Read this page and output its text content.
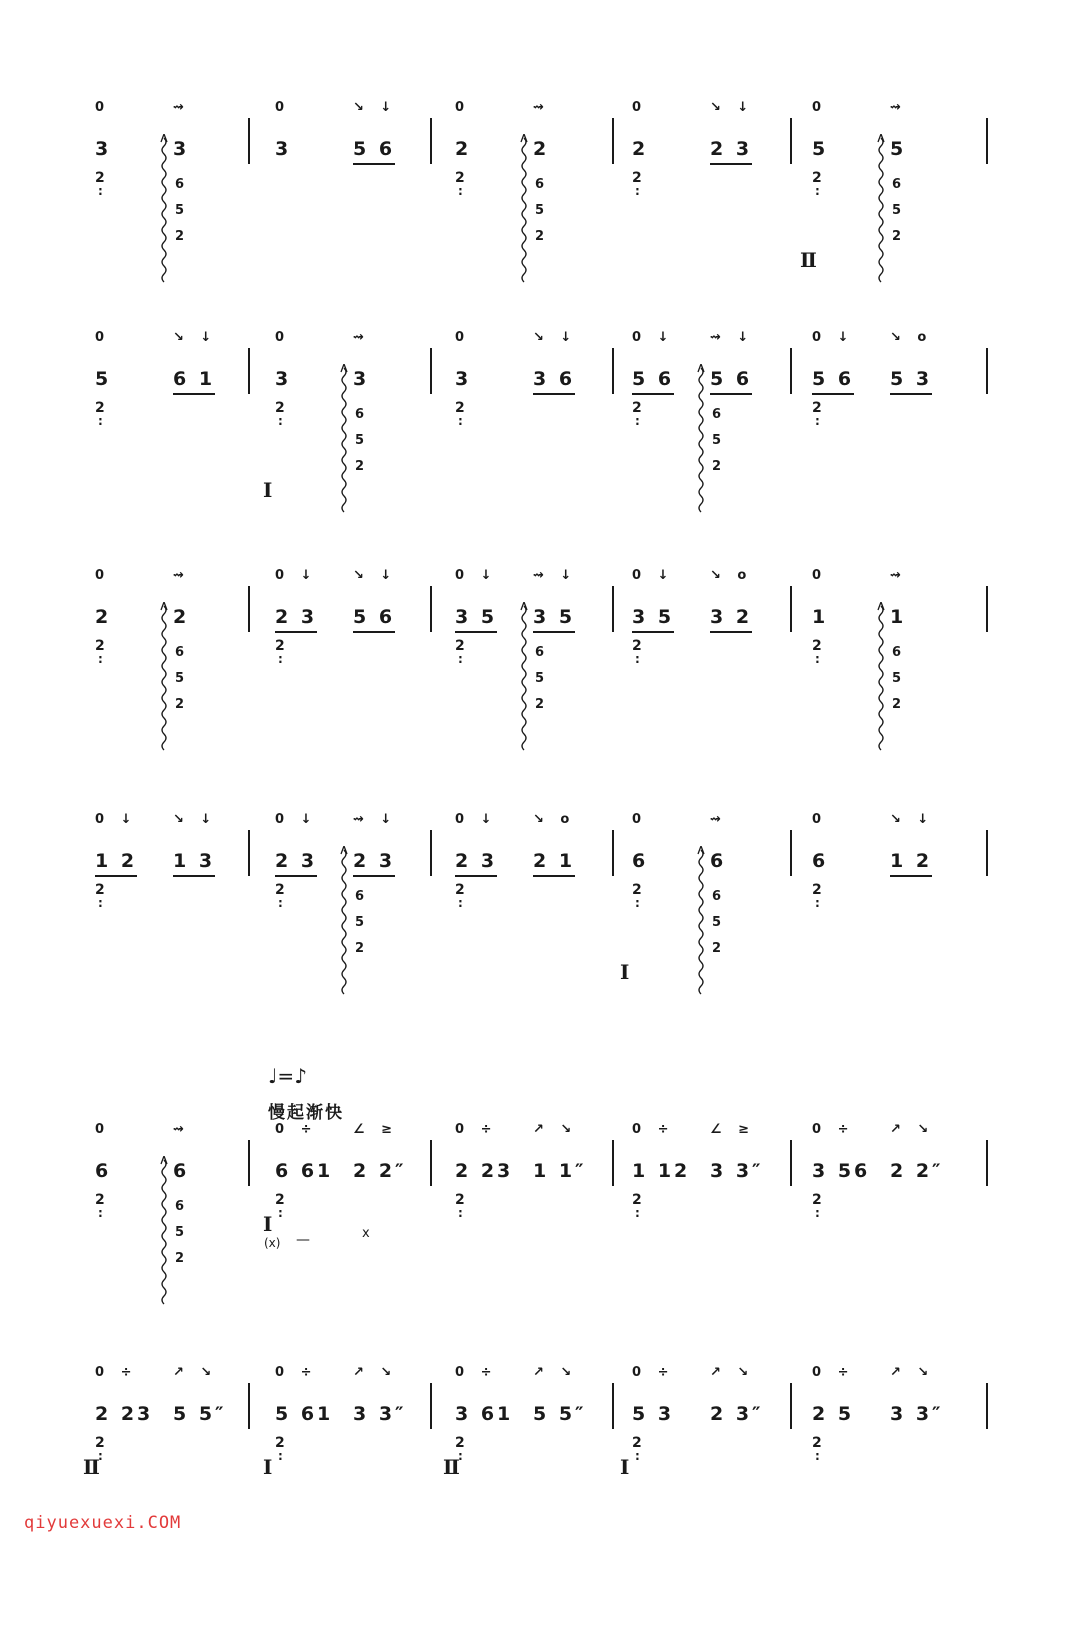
♩=♪
慢起渐快
(x) —	x
qiyuexuexi.COM
0
3
2 :
⇝
3
6
5
2
0
3
↘ ↓
5 6
0
2
2 :
⇝
2
6
5
2
0
2
2 :
↘ ↓
2 3
0
5
2 :
⇝
5
6
5
2
Ⅱ
0
5
2 :
↘ ↓
6 1
0
3
2 :
⇝
3
6
5
2
Ⅰ
0
3
2 :
↘ ↓
3 6
0 ↓
5 6
2 :
⇝ ↓
5 6
6
5
2
0 ↓
5 6
2 :
↘ o
5 3
0
2
2 :
⇝
2
6
5
2
0 ↓
2 3
2 :
↘ ↓
5 6
0 ↓
3 5
2 :
⇝ ↓
3 5
6
5
2
0 ↓
3 5
2 :
↘ o
3 2
0
1
2 :
⇝
1
6
5
2
0 ↓
1 2
2 :
↘ ↓
1 3
0 ↓
2 3
2 :
⇝ ↓
2 3
6
5
2
0 ↓
2 3
2 :
↘ o
2 1
0
6
2 :
⇝
6
6
5
2
Ⅰ
0
6
2 :
↘ ↓
1 2
0
6
2 :
⇝
6
6
5
2
0 ÷
6 61
2 :
∠ ≥
2 2″
Ⅰ
0 ÷
2 23
2 :
↗ ↘
1 1″
0 ÷
1 12
2 :
∠ ≥
3 3″
0 ÷
3 56
2 :
↗ ↘
2 2″
0 ÷
2 23
2 :
↗ ↘
5 5″
Ⅱ
0 ÷
5 61
2 :
↗ ↘
3 3″
Ⅰ
0 ÷
3 61
2 :
↗ ↘
5 5″
Ⅱ
0 ÷
5 3
2 :
↗ ↘
2 3″
Ⅰ
0 ÷
2 5
2 :
↗ ↘
3 3″
